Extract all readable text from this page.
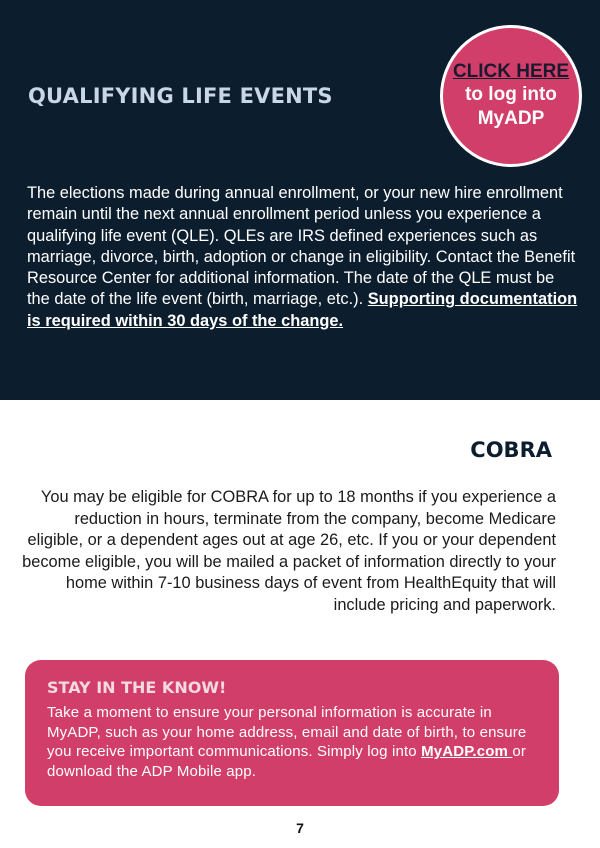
QUALIFYING LIFE EVENTS
CLICK HERE
to log into
MyADP
The elections made during annual enrollment, or your new hire enrollment remain until the next annual enrollment period unless you experience a qualifying life event (QLE). QLEs are IRS defined experiences such as marriage, divorce, birth, adoption or change in eligibility. Contact the Benefit Resource Center for additional information. The date of the QLE must be the date of the life event (birth, marriage, etc.). Supporting documentation is required within 30 days of the change.
COBRA
You may be eligible for COBRA for up to 18 months if you experience a reduction in hours, terminate from the company, become Medicare eligible, or a dependent ages out at age 26, etc. If you or your dependent become eligible, you will be mailed a packet of information directly to your home within 7-10 business days of event from HealthEquity that will include pricing and paperwork.
STAY IN THE KNOW!
Take a moment to ensure your personal information is accurate in MyADP, such as your home address, email and date of birth, to ensure you receive important communications. Simply log into MyADP.com or download the ADP Mobile app.
7
